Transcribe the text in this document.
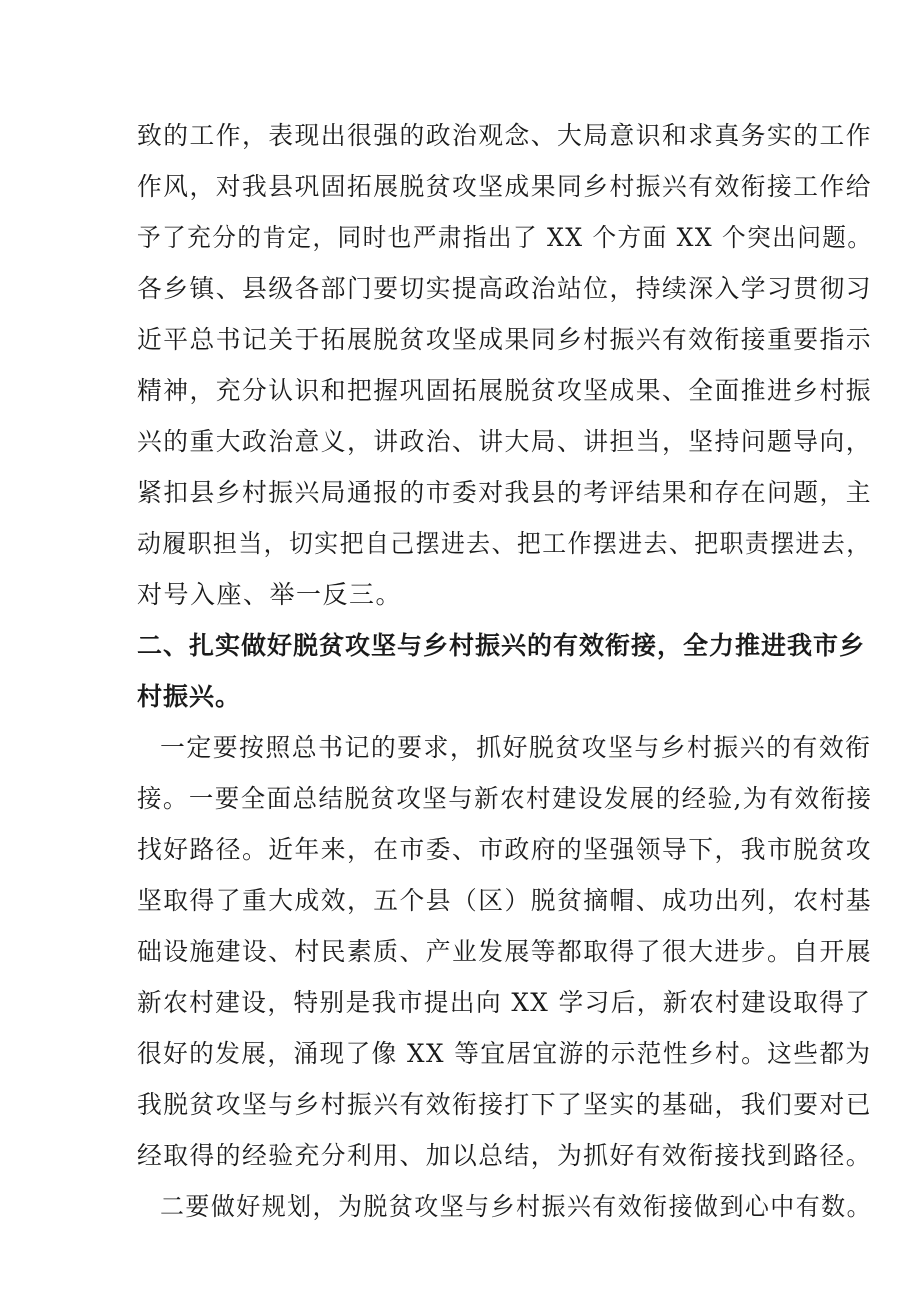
致的工作，表现出很强的政治观念、大局意识和求真务实的工作
作风，对我县巩固拓展脱贫攻坚成果同乡村振兴有效衔接工作给
予了充分的肯定，同时也严肃指出了 XX 个方面 XX 个突出问题。
各乡镇、县级各部门要切实提高政治站位，持续深入学习贯彻习
近平总书记关于拓展脱贫攻坚成果同乡村振兴有效衔接重要指示
精神，充分认识和把握巩固拓展脱贫攻坚成果、全面推进乡村振
兴的重大政治意义，讲政治、讲大局、讲担当，坚持问题导向，
紧扣县乡村振兴局通报的市委对我县的考评结果和存在问题，主
动履职担当，切实把自己摆进去、把工作摆进去、把职责摆进去，
对号入座、举一反三。
二、扎实做好脱贫攻坚与乡村振兴的有效衔接，全力推进我市乡
村振兴。
一定要按照总书记的要求，抓好脱贫攻坚与乡村振兴的有效衔
接。一要全面总结脱贫攻坚与新农村建设发展的经验,为有效衔接
找好路径。近年来，在市委、市政府的坚强领导下，我市脱贫攻
坚取得了重大成效，五个县（区）脱贫摘帽、成功出列，农村基
础设施建设、村民素质、产业发展等都取得了很大进步。自开展
新农村建设，特别是我市提出向 XX 学习后，新农村建设取得了
很好的发展，涌现了像 XX 等宜居宜游的示范性乡村。这些都为
我脱贫攻坚与乡村振兴有效衔接打下了坚实的基础，我们要对已
经取得的经验充分利用、加以总结，为抓好有效衔接找到路径。
二要做好规划，为脱贫攻坚与乡村振兴有效衔接做到心中有数。
